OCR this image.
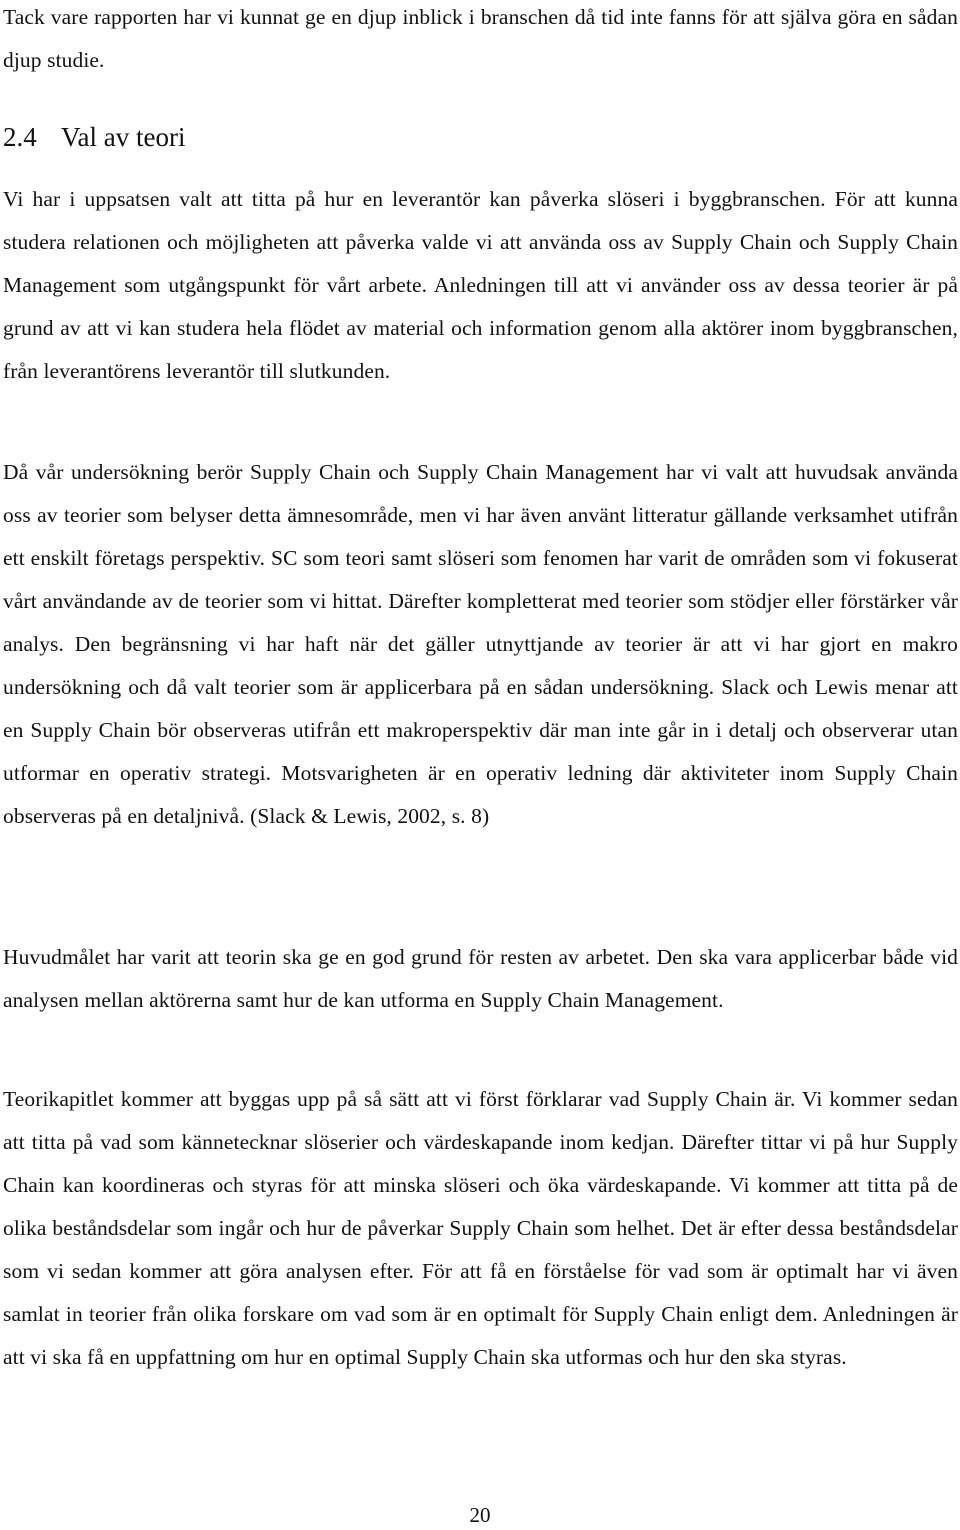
Tack vare rapporten har vi kunnat ge en djup inblick i branschen då tid inte fanns för att själva göra en sådan djup studie.

2.4 Val av teori

Vi har i uppsatsen valt att titta på hur en leverantör kan påverka slöseri i byggbranschen. För att kunna studera relationen och möjligheten att påverka valde vi att använda oss av Supply Chain och Supply Chain Management som utgångspunkt för vårt arbete. Anledningen till att vi använder oss av dessa teorier är på grund av att vi kan studera hela flödet av material och information genom alla aktörer inom byggbranschen, från leverantörens leverantör till slutkunden.

Då vår undersökning berör Supply Chain och Supply Chain Management har vi valt att huvudsak använda oss av teorier som belyser detta ämnesområde, men vi har även använt litteratur gällande verksamhet utifrån ett enskilt företags perspektiv. SC som teori samt slöseri som fenomen har varit de områden som vi fokuserat vårt användande av de teorier som vi hittat. Därefter kompletterat med teorier som stödjer eller förstärker vår analys. Den begränsning vi har haft när det gäller utnyttjande av teorier är att vi har gjort en makro undersökning och då valt teorier som är applicerbara på en sådan undersökning. Slack och Lewis menar att en Supply Chain bör observeras utifrån ett makroperspektiv där man inte går in i detalj och observerar utan utformar en operativ strategi. Motsvarigheten är en operativ ledning där aktiviteter inom Supply Chain observeras på en detaljnivå. (Slack & Lewis, 2002, s. 8)

Huvudmålet har varit att teorin ska ge en god grund för resten av arbetet. Den ska vara applicerbar både vid analysen mellan aktörerna samt hur de kan utforma en Supply Chain Management.

Teorikapitlet kommer att byggas upp på så sätt att vi först förklarar vad Supply Chain är. Vi kommer sedan att titta på vad som kännetecknar slöserier och värdeskapande inom kedjan. Därefter tittar vi på hur Supply Chain kan koordineras och styras för att minska slöseri och öka värdeskapande. Vi kommer att titta på de olika beståndsdelar som ingår och hur de påverkar Supply Chain som helhet. Det är efter dessa beståndsdelar som vi sedan kommer att göra analysen efter. För att få en förståelse för vad som är optimalt har vi även samlat in teorier från olika forskare om vad som är en optimalt för Supply Chain enligt dem. Anledningen är att vi ska få en uppfattning om hur en optimal Supply Chain ska utformas och hur den ska styras.

20
